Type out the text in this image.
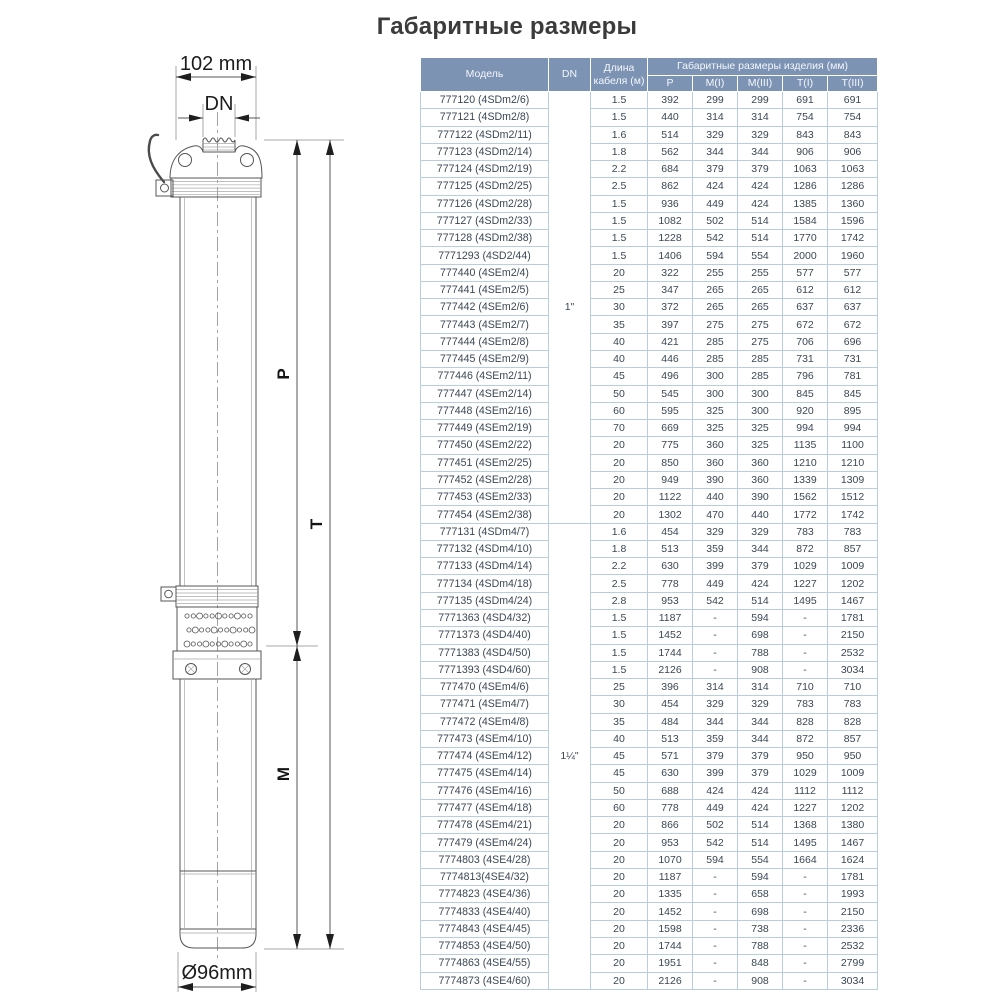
Габаритные размеры
102 mm
DN
Ø96mm
P
M
T
Модель	DN	Длина кабеля (м)	Габаритные размеры изделия (мм)				
			P	M(I)	M(III)	T(I)	T(III)
777120 (4SDm2/6)	1"	1.5	392	299	299	691	691
777121 (4SDm2/8)		1.5	440	314	314	754	754
777122 (4SDm2/11)		1.6	514	329	329	843	843
777123 (4SDm2/14)		1.8	562	344	344	906	906
777124 (4SDm2/19)		2.2	684	379	379	1063	1063
777125 (4SDm2/25)		2.5	862	424	424	1286	1286
777126 (4SDm2/28)		1.5	936	449	424	1385	1360
777127 (4SDm2/33)		1.5	1082	502	514	1584	1596
777128 (4SDm2/38)		1.5	1228	542	514	1770	1742
7771293 (4SD2/44)		1.5	1406	594	554	2000	1960
777440 (4SEm2/4)		20	322	255	255	577	577
777441 (4SEm2/5)		25	347	265	265	612	612
777442 (4SEm2/6)		30	372	265	265	637	637
777443 (4SEm2/7)		35	397	275	275	672	672
777444 (4SEm2/8)		40	421	285	275	706	696
777445 (4SEm2/9)		40	446	285	285	731	731
777446 (4SEm2/11)		45	496	300	285	796	781
777447 (4SEm2/14)		50	545	300	300	845	845
777448 (4SEm2/16)		60	595	325	300	920	895
777449 (4SEm2/19)		70	669	325	325	994	994
777450 (4SEm2/22)		20	775	360	325	1135	1100
777451 (4SEm2/25)		20	850	360	360	1210	1210
777452 (4SEm2/28)		20	949	390	360	1339	1309
777453 (4SEm2/33)		20	1122	440	390	1562	1512
777454 (4SEm2/38)		20	1302	470	440	1772	1742
777131 (4SDm4/7)	1¼"	1.6	454	329	329	783	783
777132 (4SDm4/10)		1.8	513	359	344	872	857
777133 (4SDm4/14)		2.2	630	399	379	1029	1009
777134 (4SDm4/18)		2.5	778	449	424	1227	1202
777135 (4SDm4/24)		2.8	953	542	514	1495	1467
7771363 (4SD4/32)		1.5	1187	-	594	-	1781
7771373 (4SD4/40)		1.5	1452	-	698	-	2150
7771383 (4SD4/50)		1.5	1744	-	788	-	2532
7771393 (4SD4/60)		1.5	2126	-	908	-	3034
777470 (4SEm4/6)		25	396	314	314	710	710
777471 (4SEm4/7)		30	454	329	329	783	783
777472 (4SEm4/8)		35	484	344	344	828	828
777473 (4SEm4/10)		40	513	359	344	872	857
777474 (4SEm4/12)		45	571	379	379	950	950
777475 (4SEm4/14)		45	630	399	379	1029	1009
777476 (4SEm4/16)		50	688	424	424	1112	1112
777477 (4SEm4/18)		60	778	449	424	1227	1202
777478 (4SEm4/21)		20	866	502	514	1368	1380
777479 (4SEm4/24)		20	953	542	514	1495	1467
7774803 (4SE4/28)		20	1070	594	554	1664	1624
7774813(4SE4/32)		20	1187	-	594	-	1781
7774823 (4SE4/36)		20	1335	-	658	-	1993
7774833 (4SE4/40)		20	1452	-	698	-	2150
7774843 (4SE4/45)		20	1598	-	738	-	2336
7774853 (4SE4/50)		20	1744	-	788	-	2532
7774863 (4SE4/55)		20	1951	-	848	-	2799
7774873 (4SE4/60)		20	2126	-	908	-	3034
